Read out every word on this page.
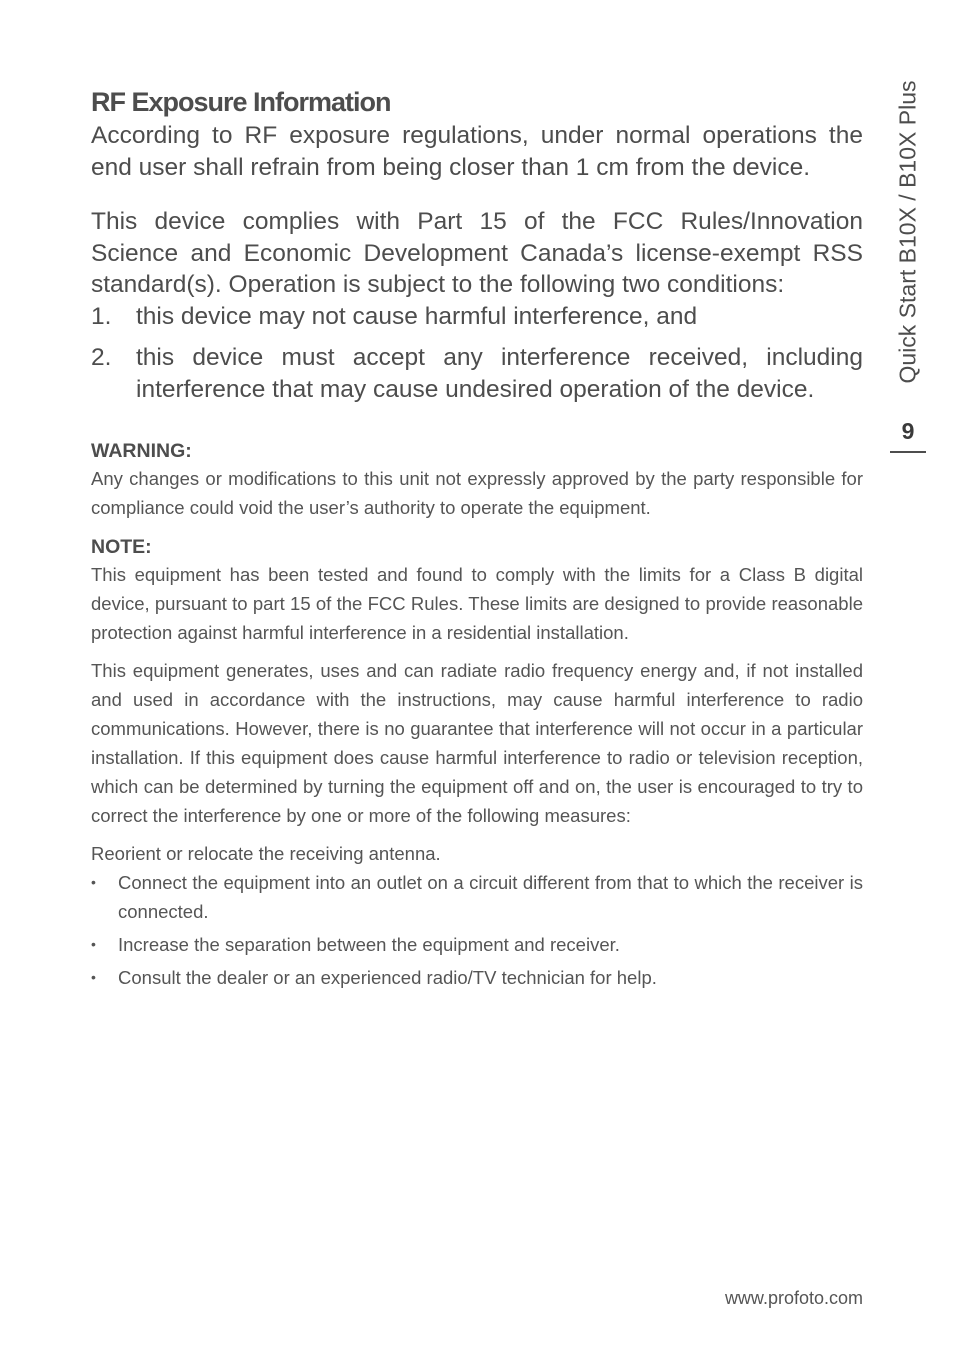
RF Exposure Information

According to RF exposure regulations, under normal operations the end user shall refrain from being closer than 1 cm from the device.

This device complies with Part 15 of the FCC Rules/Innovation Science and Economic Development Canada’s license-exempt RSS standard(s). Operation is subject to the following two conditions:

1.	this device may not cause harmful interference, and
2.	this device must accept any interference received, including interference that may cause undesired operation of the device.
WARNING:

Any changes or modifications to this unit not expressly approved by the party responsible for compliance could void the user’s authority to operate the equipment.

NOTE:

This equipment has been tested and found to comply with the limits for a Class B digital device, pursuant to part 15 of the FCC Rules. These limits are designed to provide reasonable protection against harmful interference in a residential installation.

This equipment generates, uses and can radiate radio frequency energy and, if not installed and used in accordance with the instructions, may cause harmful interference to radio communications. However, there is no guarantee that interference will not occur in a particular installation. If this equipment does cause harmful interference to radio or television reception, which can be determined by turning the equipment off and on, the user is encouraged to try to correct the interference by one or more of the following measures:

Reorient or relocate the receiving antenna.

•	Connect the equipment into an outlet on a circuit different from that to which the receiver is connected.
•	Increase the separation between the equipment and receiver.
•	Consult the dealer or an experienced radio/TV technician for help.
Quick Start B10X / B10X Plus
9
www.profoto.com
